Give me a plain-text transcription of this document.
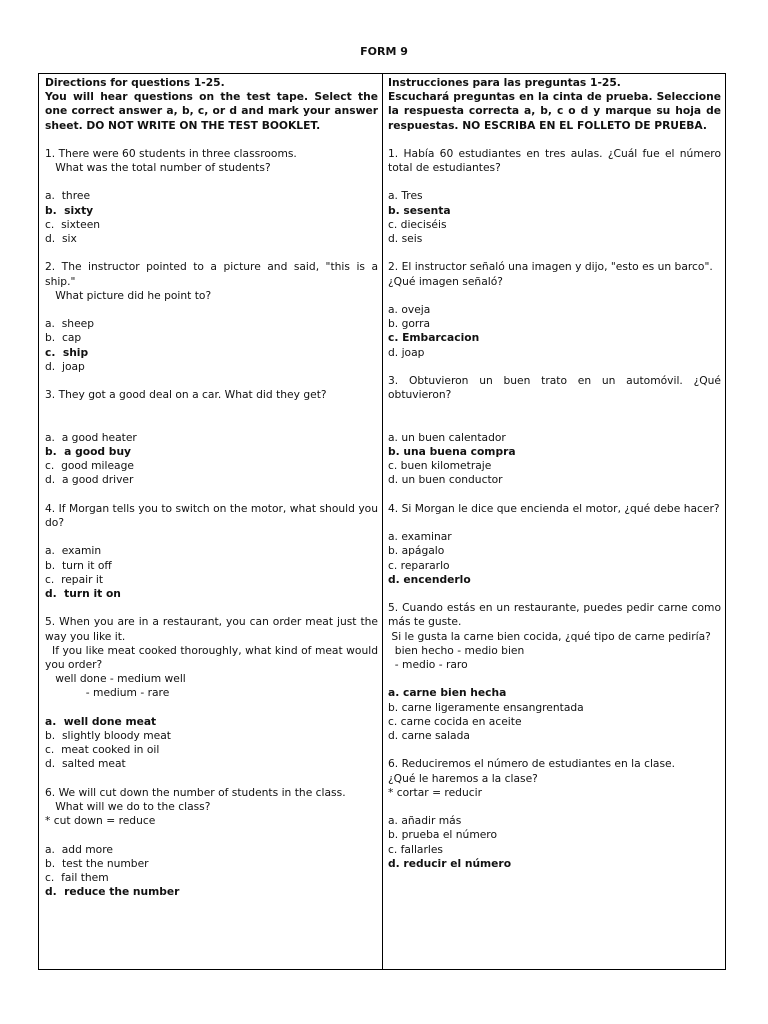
FORM 9
Directions for questions 1-25.
You will hear questions on the test tape. Select the one correct answer a, b, c, or d and mark your answer sheet. DO NOT WRITE ON THE TEST BOOKLET.
1. There were 60 students in three classrooms.
What was the total number of students?
a.  three
b.  sixty
c.  sixteen
d.  six
2. The instructor pointed to a picture and said, "this is a ship."
What picture did he point to?
a.  sheep
b.  cap
c.  ship
d.  joap
3. They got a good deal on a car. What did they get?
a.  a good heater
b.  a good buy
c.  good mileage
d.  a good driver
4. If Morgan tells you to switch on the motor, what should you do?
a.  examin
b.  turn it off
c.  repair it
d.  turn it on
5. When you are in a restaurant, you can order meat just the way you like it.
If you like meat cooked thoroughly, what kind of meat would you order?
well done - medium well
- medium - rare
a.  well done meat
b.  slightly bloody meat
c.  meat cooked in oil
d.  salted meat
6. We will cut down the number of students in the class.
What will we do to the class?
* cut down = reduce
a.  add more
b.  test the number
c.  fail them
d.  reduce the number
Instrucciones para las preguntas 1-25.
Escuchará preguntas en la cinta de prueba. Seleccione la respuesta correcta a, b, c o d y marque su hoja de respuestas. NO ESCRIBA EN EL FOLLETO DE PRUEBA.
1. Había 60 estudiantes en tres aulas. ¿Cuál fue el número total de estudiantes?
a. Tres
b. sesenta
c. dieciséis
d. seis
2. El instructor señaló una imagen y dijo, "esto es un barco".
¿Qué imagen señaló?
a. oveja
b. gorra
c. Embarcacion
d. joap
3. Obtuvieron un buen trato en un automóvil. ¿Qué obtuvieron?
a. un buen calentador
b. una buena compra
c. buen kilometraje
d. un buen conductor
4. Si Morgan le dice que encienda el motor, ¿qué debe hacer?
a. examinar
b. apágalo
c. repararlo
d. encenderlo
5. Cuando estás en un restaurante, puedes pedir carne como más te guste.
Si le gusta la carne bien cocida, ¿qué tipo de carne pediría?
bien hecho - medio bien
- medio - raro
a. carne bien hecha
b. carne ligeramente ensangrentada
c. carne cocida en aceite
d. carne salada
6. Reduciremos el número de estudiantes en la clase.
¿Qué le haremos a la clase?
* cortar = reducir
a. añadir más
b. prueba el número
c. fallarles
d. reducir el número
